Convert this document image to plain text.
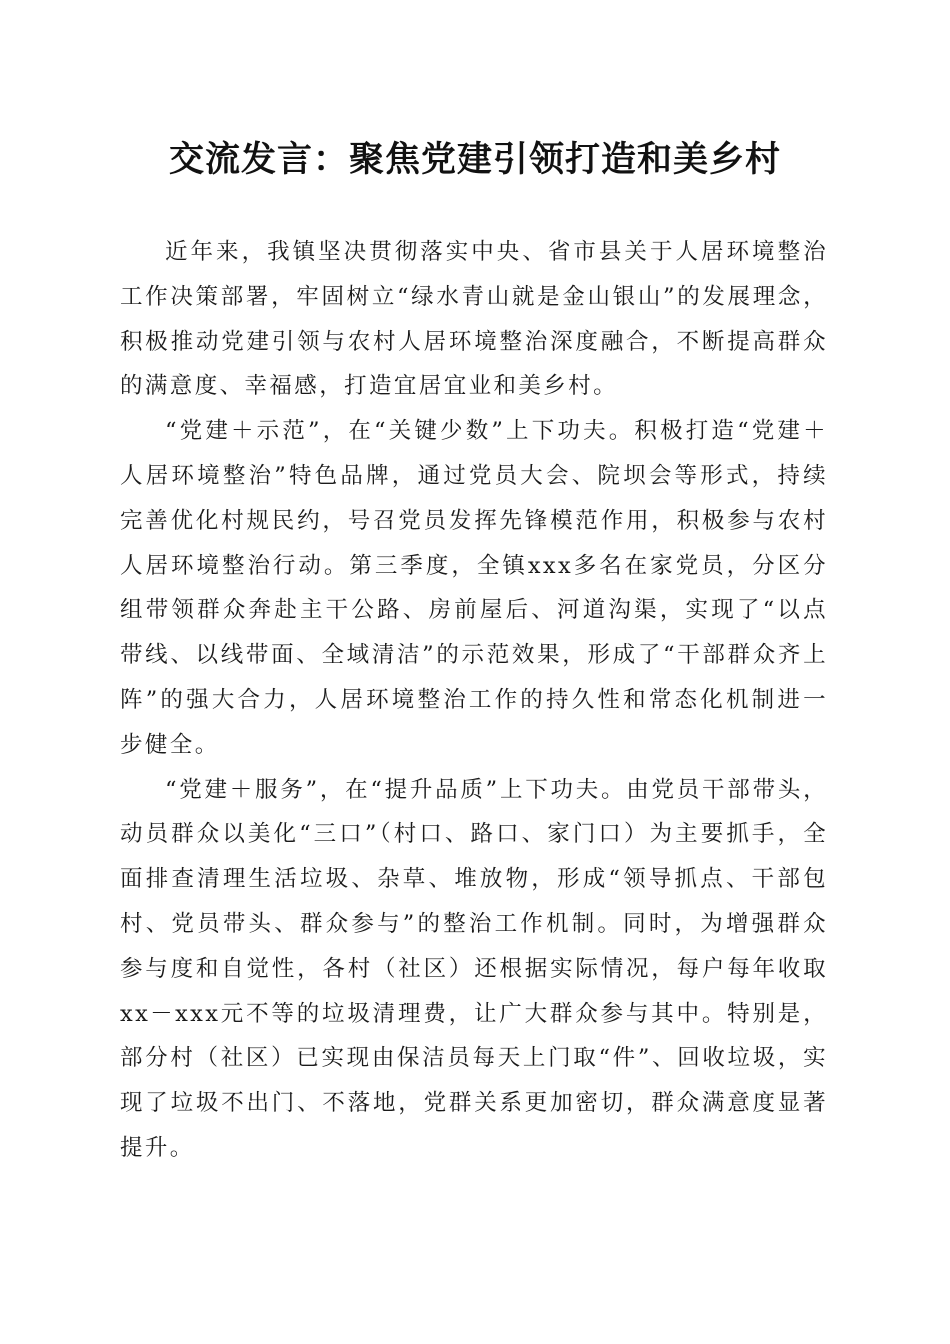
交流发言：聚焦党建引领打造和美乡村

近年来，我镇坚决贯彻落实中央、省市县关于人居环境整治工作决策部署，牢固树立“绿水青山就是金山银山”的发展理念，积极推动党建引领与农村人居环境整治深度融合，不断提高群众的满意度、幸福感，打造宜居宜业和美乡村。

“党建＋示范”，在“关键少数”上下功夫。积极打造“党建＋人居环境整治”特色品牌，通过党员大会、院坝会等形式，持续完善优化村规民约，号召党员发挥先锋模范作用，积极参与农村人居环境整治行动。第三季度，全镇xxx多名在家党员，分区分组带领群众奔赴主干公路、房前屋后、河道沟渠，实现了“以点带线、以线带面、全域清洁”的示范效果，形成了“干部群众齐上阵”的强大合力，人居环境整治工作的持久性和常态化机制进一步健全。

“党建＋服务”，在“提升品质”上下功夫。由党员干部带头，动员群众以美化“三口”（村口、路口、家门口）为主要抓手，全面排查清理生活垃圾、杂草、堆放物，形成“领导抓点、干部包村、党员带头、群众参与”的整治工作机制。同时，为增强群众参与度和自觉性，各村（社区）还根据实际情况，每户每年收取xx－xxx元不等的垃圾清理费，让广大群众参与其中。特别是，部分村（社区）已实现由保洁员每天上门取“件”、回收垃圾，实现了垃圾不出门、不落地，党群关系更加密切，群众满意度显著提升。
